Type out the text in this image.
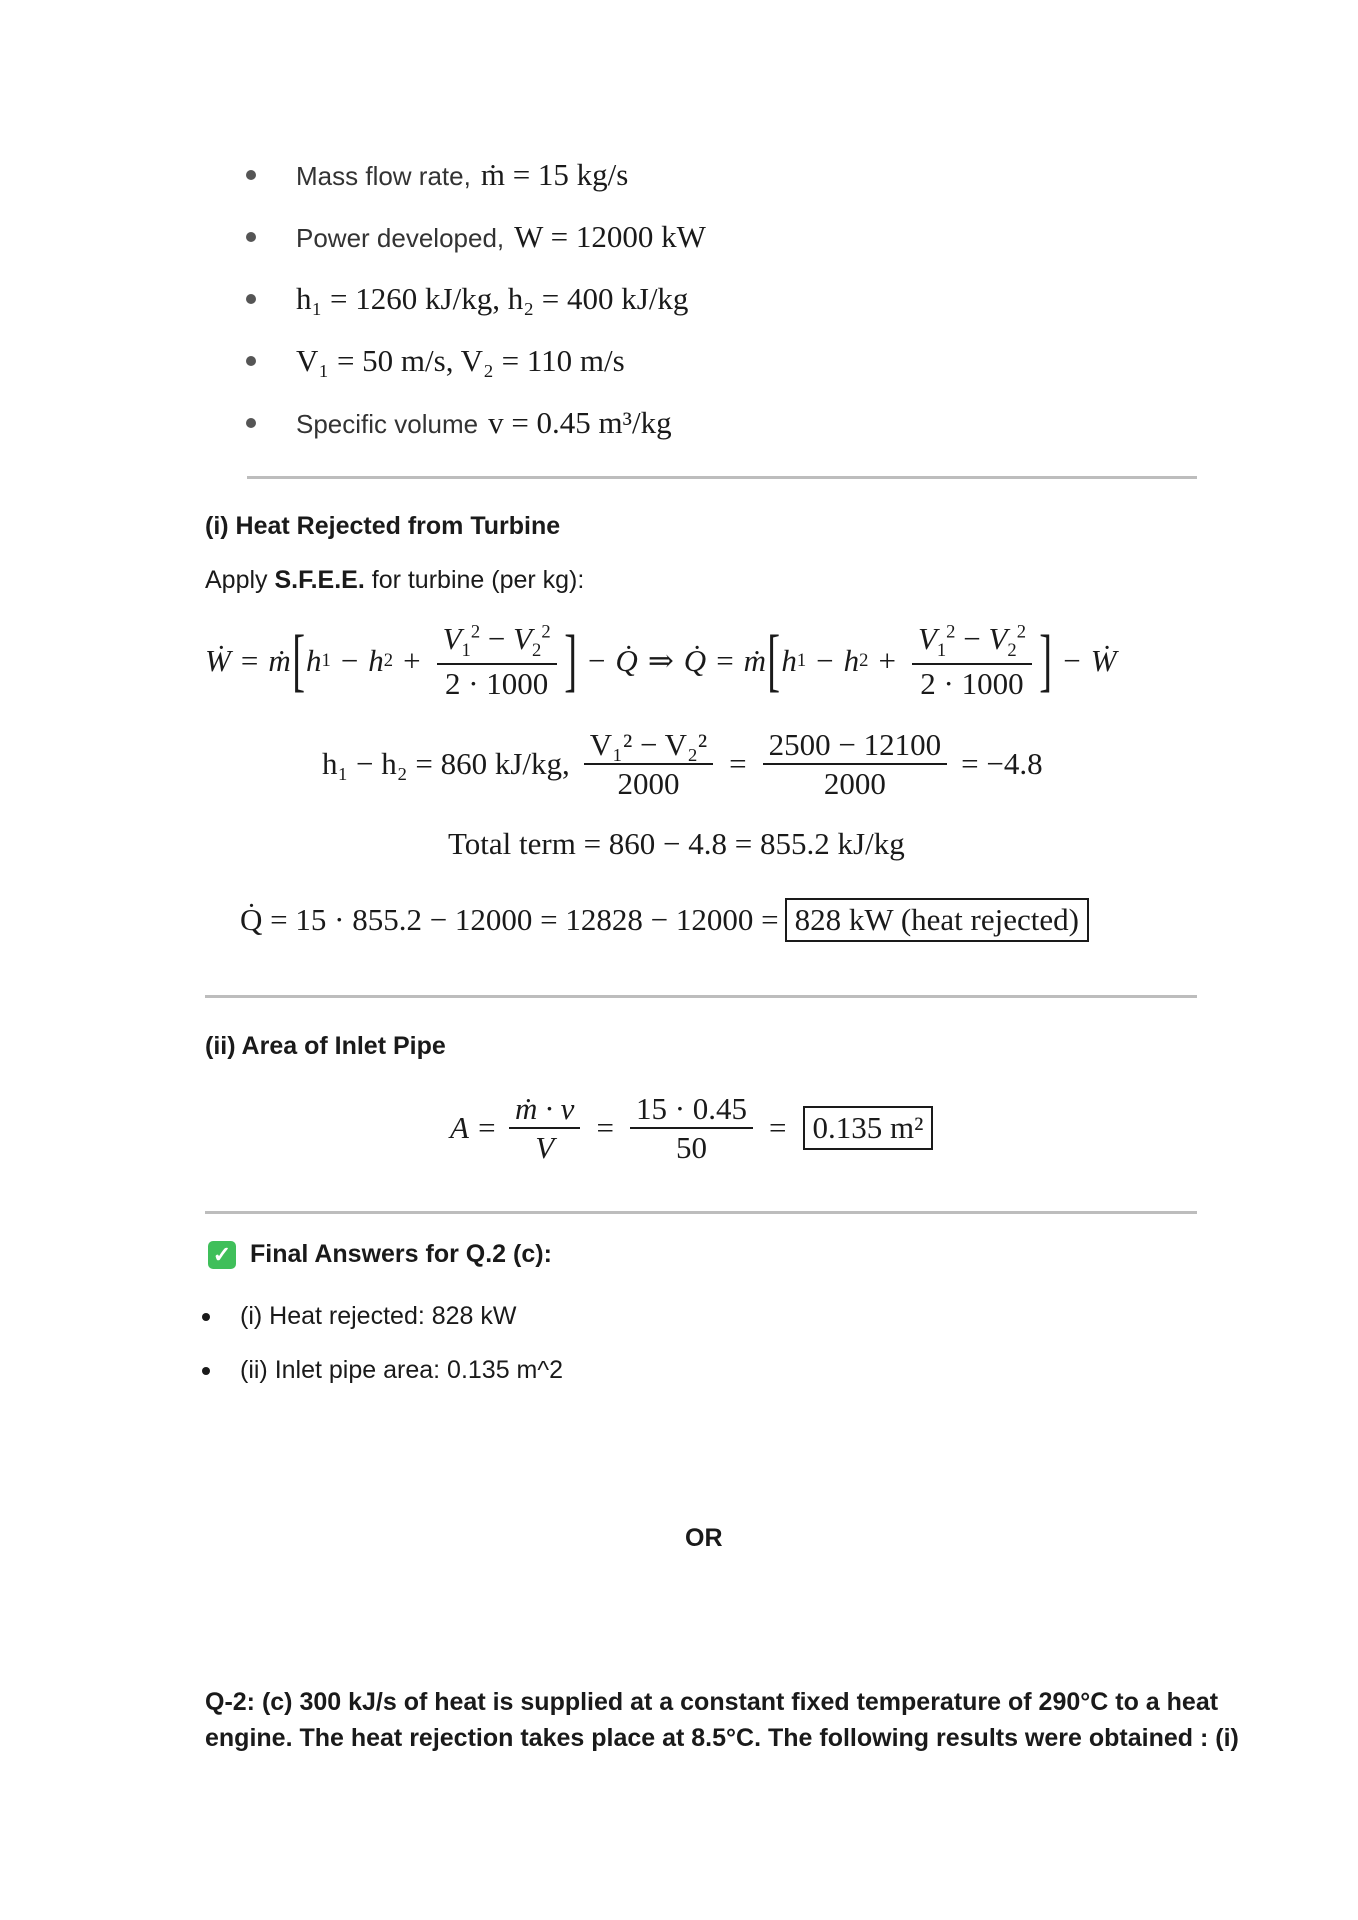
Mass flow rate, ṁ = 15 kg/s
Power developed, W = 12000 kW
h₁ = 1260 kJ/kg, h₂ = 400 kJ/kg
V₁ = 50 m/s, V₂ = 110 m/s
Specific volume v = 0.45 m³/kg
(i) Heat Rejected from Turbine
Apply S.F.E.E. for turbine (per kg):
Ẇ = ṁ [ h 1 − h $2 + \frac{V_1^2 - V_2^2}{2 \cdot 1000}$ ] − Q̇ ⇒ Q̇ = ṁ [ h 1 − h $2 + \frac{V_1^2 - V_2^2}{2 \cdot 1000}$ ] − Ẇ
h₁ − h₂ = 860 kJ/kg, $\frac{\text{V₁² − V₂²}}{2000} = \frac{2500 - 12100}{2000} = -4.8$
Total term = 860 − 4.8 = 855.2 kJ/kg
Q̇ = 15 · 855.2 − 12000 = 12828 − 12000 = 828 kW (heat rejected)
(ii) Area of Inlet Pipe
$A = \frac{\text{ṁ · v}}{V} = \frac{15 \cdot 0.45}{50} = 0.135$ m²
✓ Final Answers for Q.2 (c):
(i) Heat rejected: 828 kW
(ii) Inlet pipe area: 0.135 m^2
OR
Q-2: (c) 300 kJ/s of heat is supplied at a constant fixed temperature of 290°C to a heat
engine. The heat rejection takes place at 8.5°C. The following results were obtained : (i)
